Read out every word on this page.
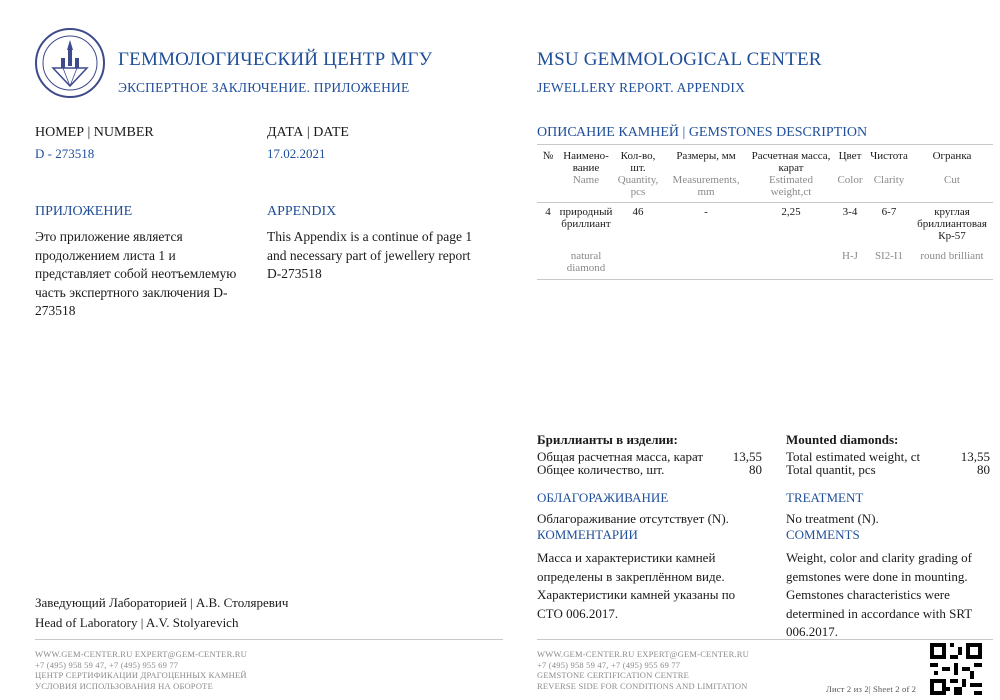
ГЕММОЛОГИЧЕСКИЙ ЦЕНТР МГУ
ЭКСПЕРТНОЕ ЗАКЛЮЧЕНИЕ. ПРИЛОЖЕНИЕ
MSU GEMMOLOGICAL CENTER
JEWELLERY REPORT. APPENDIX
НОМЕР | NUMBER
D - 273518
ДАТА | DATE
17.02.2021
ПРИЛОЖЕНИЕ
Это приложение является продолжением листа 1 и представляет собой неотъемлемую часть экспертного заключения D-273518
APPENDIX
This Appendix is a continue of page 1 and necessary part of jewellery report D-273518
ОПИСАНИЕ КАМНЕЙ | GEMSTONES DESCRIPTION
№	Наимено-вание	Кол-во, шт.	Размеры, мм	Расчетная масса, карат	Цвет	Чистота	Огранка
	Name	Quantity, pcs	Measurements, mm	Estimated weight,ct	Color	Clarity	Cut

4	природный бриллиант	46	-	2,25	3-4	6-7	круглая бриллиантовая Кр-57
	natural diamond				H-J	SI2-I1	round brilliant

Бриллианты в изделии:
Общая расчетная масса, карат	13,55
Общее количество, шт.	80
Mounted diamonds:
Total estimated weight, ct	13,55
Total quantit, pcs	80
ОБЛАГОРАЖИВАНИЕ
Облагораживание отсутствует (N).
TREATMENT
No treatment (N).
КОММЕНТАРИИ
Масса и характеристики камней определены в закреплённом виде. Характеристики камней указаны по СТО 006.2017.
COMMENTS
Weight, color and clarity grading of gemstones were done in mounting. Gemstones characteristics were determined in accordance with SRT 006.2017.
Заведующий Лабораторией | А.В. Столяревич
Head of Laboratory | A.V. Stolyarevich
WWW.GEM-CENTER.RU EXPERT@GEM-CENTER.RU
+7 (495) 958 59 47, +7 (495) 955 69 77
ЦЕНТР СЕРТИФИКАЦИИ ДРАГОЦЕННЫХ КАМНЕЙ
УСЛОВИЯ ИСПОЛЬЗОВАНИЯ НА ОБОРОТЕ
WWW.GEM-CENTER.RU EXPERT@GEM-CENTER.RU
+7 (495) 958 59 47, +7 (495) 955 69 77
GEMSTONE CERTIFICATION CENTRE
REVERSE SIDE FOR CONDITIONS AND LIMITATION	Лист 2 из 2| Sheet 2 of 2
